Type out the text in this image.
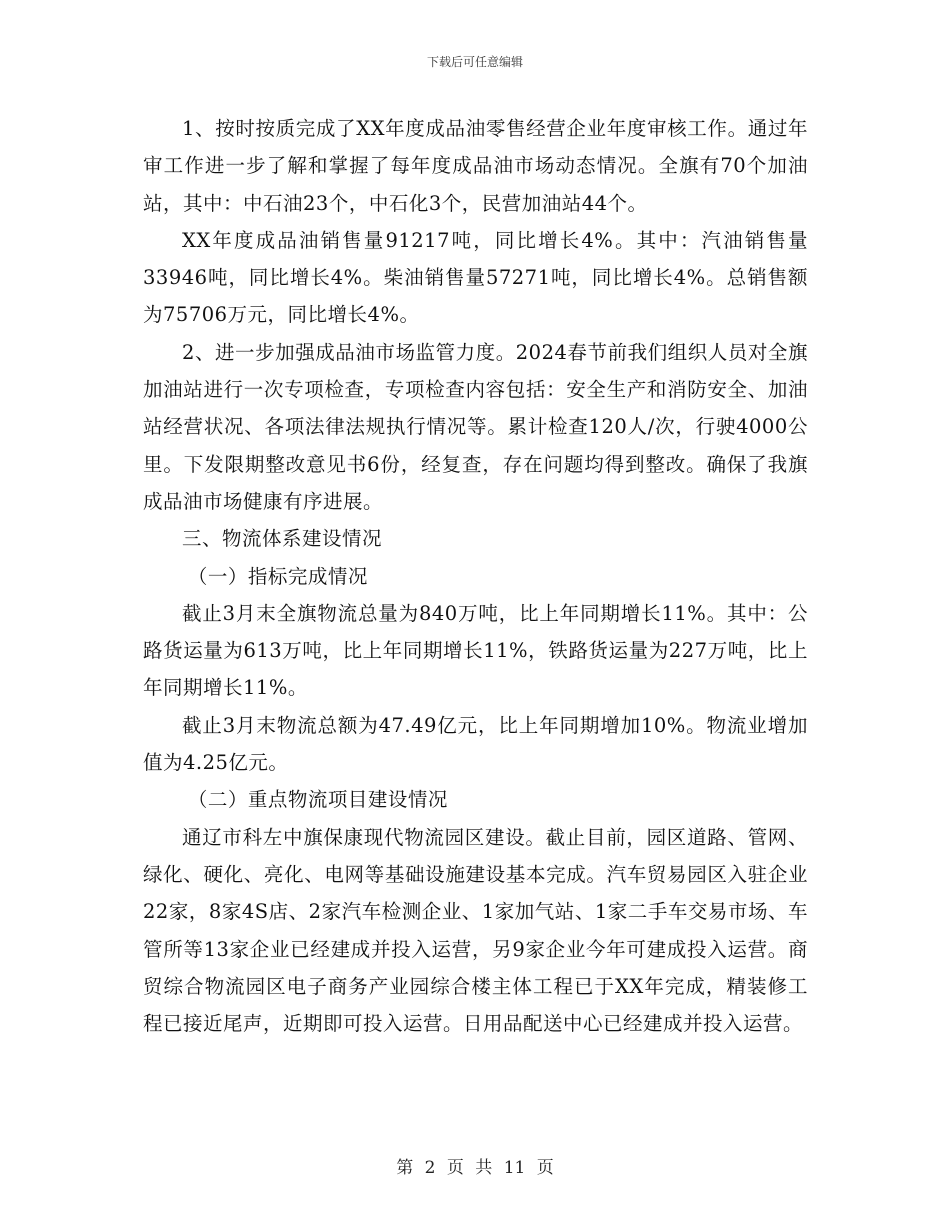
下载后可任意编辑

1、按时按质完成了XX年度成品油零售经营企业年度审核工作。通过年审工作进一步了解和掌握了每年度成品油市场动态情况。全旗有70个加油站，其中：中石油23个，中石化3个，民营加油站44个。

XX年度成品油销售量91217吨，同比增长4%。其中：汽油销售量33946吨，同比增长4%。柴油销售量57271吨，同比增长4%。总销售额为75706万元，同比增长4%。

2、进一步加强成品油市场监管力度。2024春节前我们组织人员对全旗加油站进行一次专项检查，专项检查内容包括：安全生产和消防安全、加油站经营状况、各项法律法规执行情况等。累计检查120人/次，行驶4000公里。下发限期整改意见书6份，经复查，存在问题均得到整改。确保了我旗成品油市场健康有序进展。

三、物流体系建设情况

（一）指标完成情况

截止3月末全旗物流总量为840万吨，比上年同期增长11%。其中：公路货运量为613万吨，比上年同期增长11%，铁路货运量为227万吨，比上年同期增长11%。

截止3月末物流总额为47.49亿元，比上年同期增加10%。物流业增加值为4.25亿元。

（二）重点物流项目建设情况

通辽市科左中旗保康现代物流园区建设。截止目前，园区道路、管网、绿化、硬化、亮化、电网等基础设施建设基本完成。汽车贸易园区入驻企业22家，8家4S店、2家汽车检测企业、1家加气站、1家二手车交易市场、车管所等13家企业已经建成并投入运营，另9家企业今年可建成投入运营。商贸综合物流园区电子商务产业园综合楼主体工程已于XX年完成，精装修工程已接近尾声，近期即可投入运营。日用品配送中心已经建成并投入运营。

第 2 页 共 11 页
